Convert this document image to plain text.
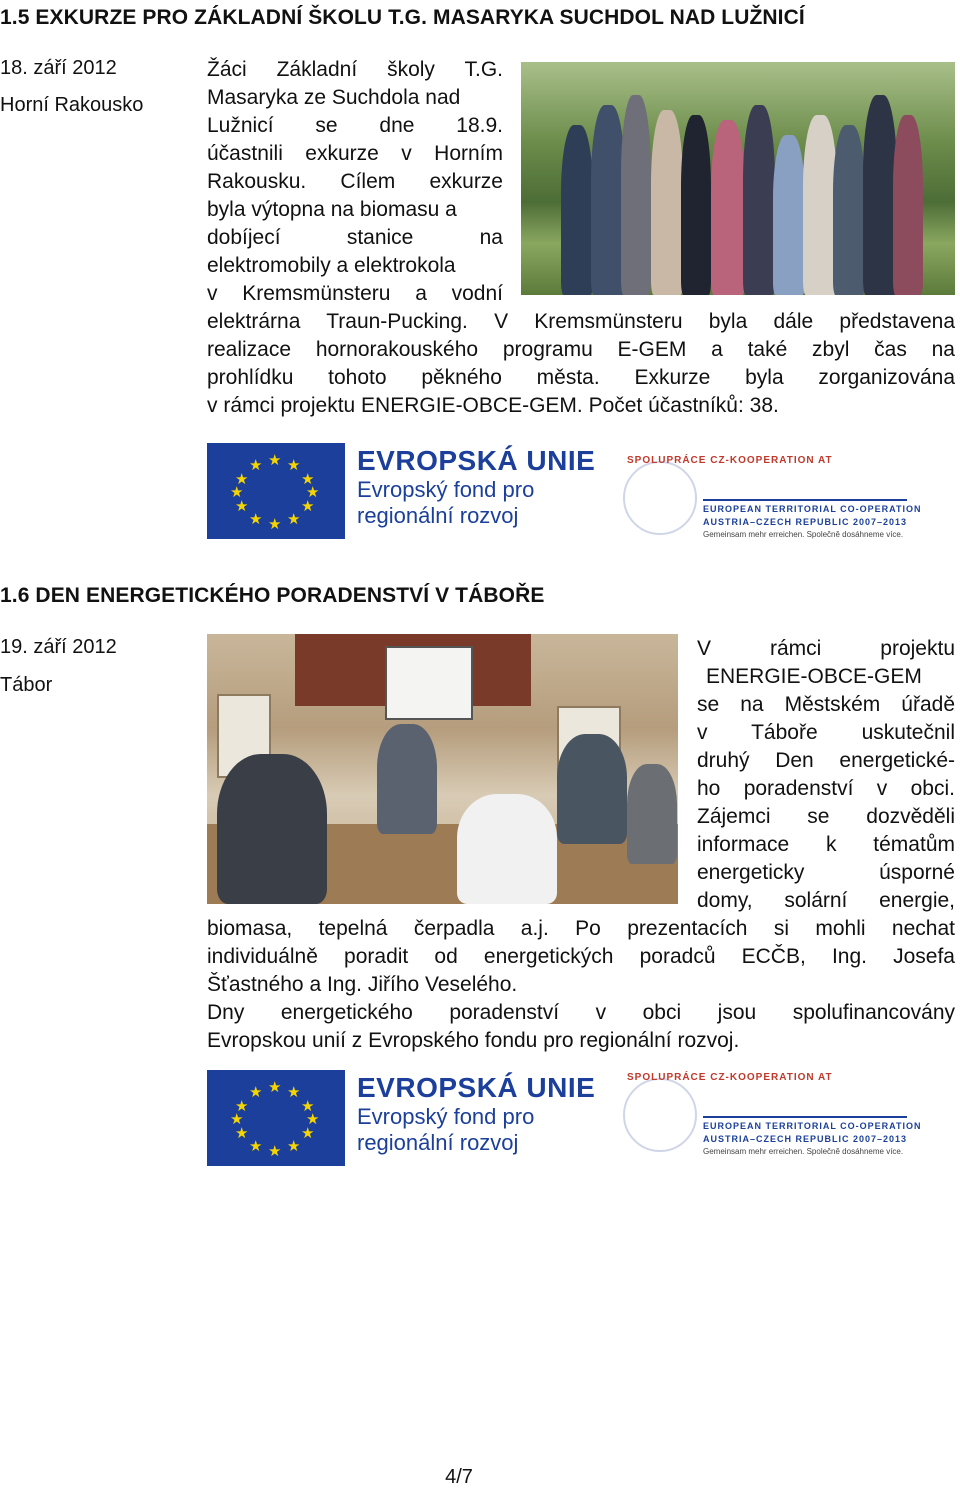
1.5 EXKURZE PRO ZÁKLADNÍ ŠKOLU T.G. MASARYKA SUCHDOL NAD LUŽNICÍ
18. září 2012
Horní Rakousko
Žáci Základní školy T.G.
Masaryka ze Suchdola nad
Lužnicí se dne 18.9.
účastnili exkurze v Horním
Rakousku. Cílem exkurze
byla výtopna na biomasu a
dobíjecí stanice na
elektromobily a elektrokola
v Kremsmünsteru a vodní
elektrárna Traun-Pucking. V Kremsmünsteru byla dále představena
realizace hornorakouského programu E-GEM a také zbyl čas na
prohlídku tohoto pěkného města. Exkurze byla zorganizována
v rámci projektu ENERGIE-OBCE-GEM. Počet účastníků: 38.
★ ★
★
★
★
★
★
★
★
★
★
★	EVROPSKÁ UNIE
Evropský fond pro
regionální rozvoj
SPOLUPRÁCE CZ-KOOPERATION AT
EUROPEAN TERRITORIAL CO-OPERATION
AUSTRIA–CZECH REPUBLIC 2007–2013
Gemeinsam mehr erreichen. Společně dosáhneme více.
1.6 DEN ENERGETICKÉHO PORADENSTVÍ V TÁBOŘE
19. září 2012
Tábor
V rámci projektu
ENERGIE-OBCE-GEM
se na Městském úřadě
v Táboře uskutečnil
druhý Den energetické-
ho poradenství v obci.
Zájemci se dozvěděli
informace k tématům
energeticky úsporné
domy, solární energie,
biomasa, tepelná čerpadla a.j. Po prezentacích si mohli nechat
individuálně poradit od energetických poradců ECČB, Ing. Josefa
Šťastného a Ing. Jiřího Veselého.
Dny energetického poradenství v obci jsou spolufinancovány
Evropskou unií z Evropského fondu pro regionální rozvoj.
★ ★
★
★
★
★
★
★
★
★
★
★	EVROPSKÁ UNIE
Evropský fond pro
regionální rozvoj
SPOLUPRÁCE CZ-KOOPERATION AT
EUROPEAN TERRITORIAL CO-OPERATION
AUSTRIA–CZECH REPUBLIC 2007–2013
Gemeinsam mehr erreichen. Společně dosáhneme více.
4/7
